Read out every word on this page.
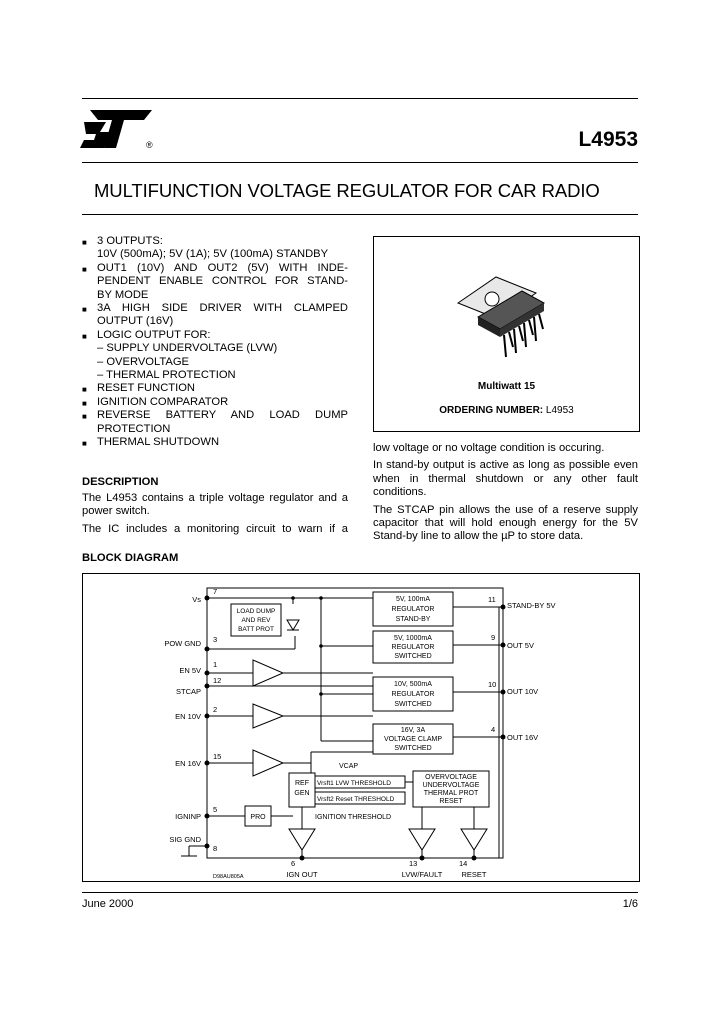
®	L4953
MULTIFUNCTION VOLTAGE REGULATOR FOR CAR RADIO
■ 3 OUTPUTS:
10V (500mA); 5V (1A); 5V (100mA) STANDBY
■ OUT1 (10V) AND OUT2 (5V) WITH INDE-
PENDENT ENABLE CONTROL FOR STAND-
BY MODE
■ 3A HIGH SIDE DRIVER WITH CLAMPED
OUTPUT (16V)
■ LOGIC OUTPUT FOR:
– SUPPLY UNDERVOLTAGE (LVW)
– OVERVOLTAGE
– THERMAL PROTECTION
■ RESET FUNCTION
■ IGNITION COMPARATOR
■ REVERSE BATTERY AND LOAD DUMP
PROTECTION
■ THERMAL SHUTDOWN
DESCRIPTION

The L4953 contains a triple voltage regulator and a power switch.

The IC includes a monitoring circuit to warn if a

Multiwatt 15
ORDERING NUMBER: L4953

low voltage or no voltage condition is occuring.

In stand-by output is active as long as possible even when in thermal shutdown or any other fault conditions.

The STCAP pin allows the use of a reserve supply capacitor that will hold enough energy for the 5V Stand-by line to allow the µP to store data.

BLOCK DIAGRAM
Vs
7
POW GND 3
EN 5V
1
STCAP
12
EN 10V
2
EN 16V
15
IGNINP
5
SIG GND
8
STAND-BY 5V
11
OUT 5V
9
OUT 10V
10
OUT 16V
4
6
IGN OUT
13
LVW/FAULT
14
RESET
LOAD DUMP
AND REV
BATT PROT
5V, 100mA
REGULATOR
STAND-BY
5V, 1000mA
REGULATOR
SWITCHED
10V, 500mA
REGULATOR
SWITCHED
16V, 3A
VOLTAGE CLAMP
SWITCHED
REF
GEN
OVERVOLTAGE
UNDERVOLTAGE
THERMAL PROT
RESET
PRO
VCAP
Vrsft1 LVW THRESHOLD
Vrsft2 Reset THRESHOLD
IGNITION THRESHOLD
D98AU805A
June 2000	1/6
